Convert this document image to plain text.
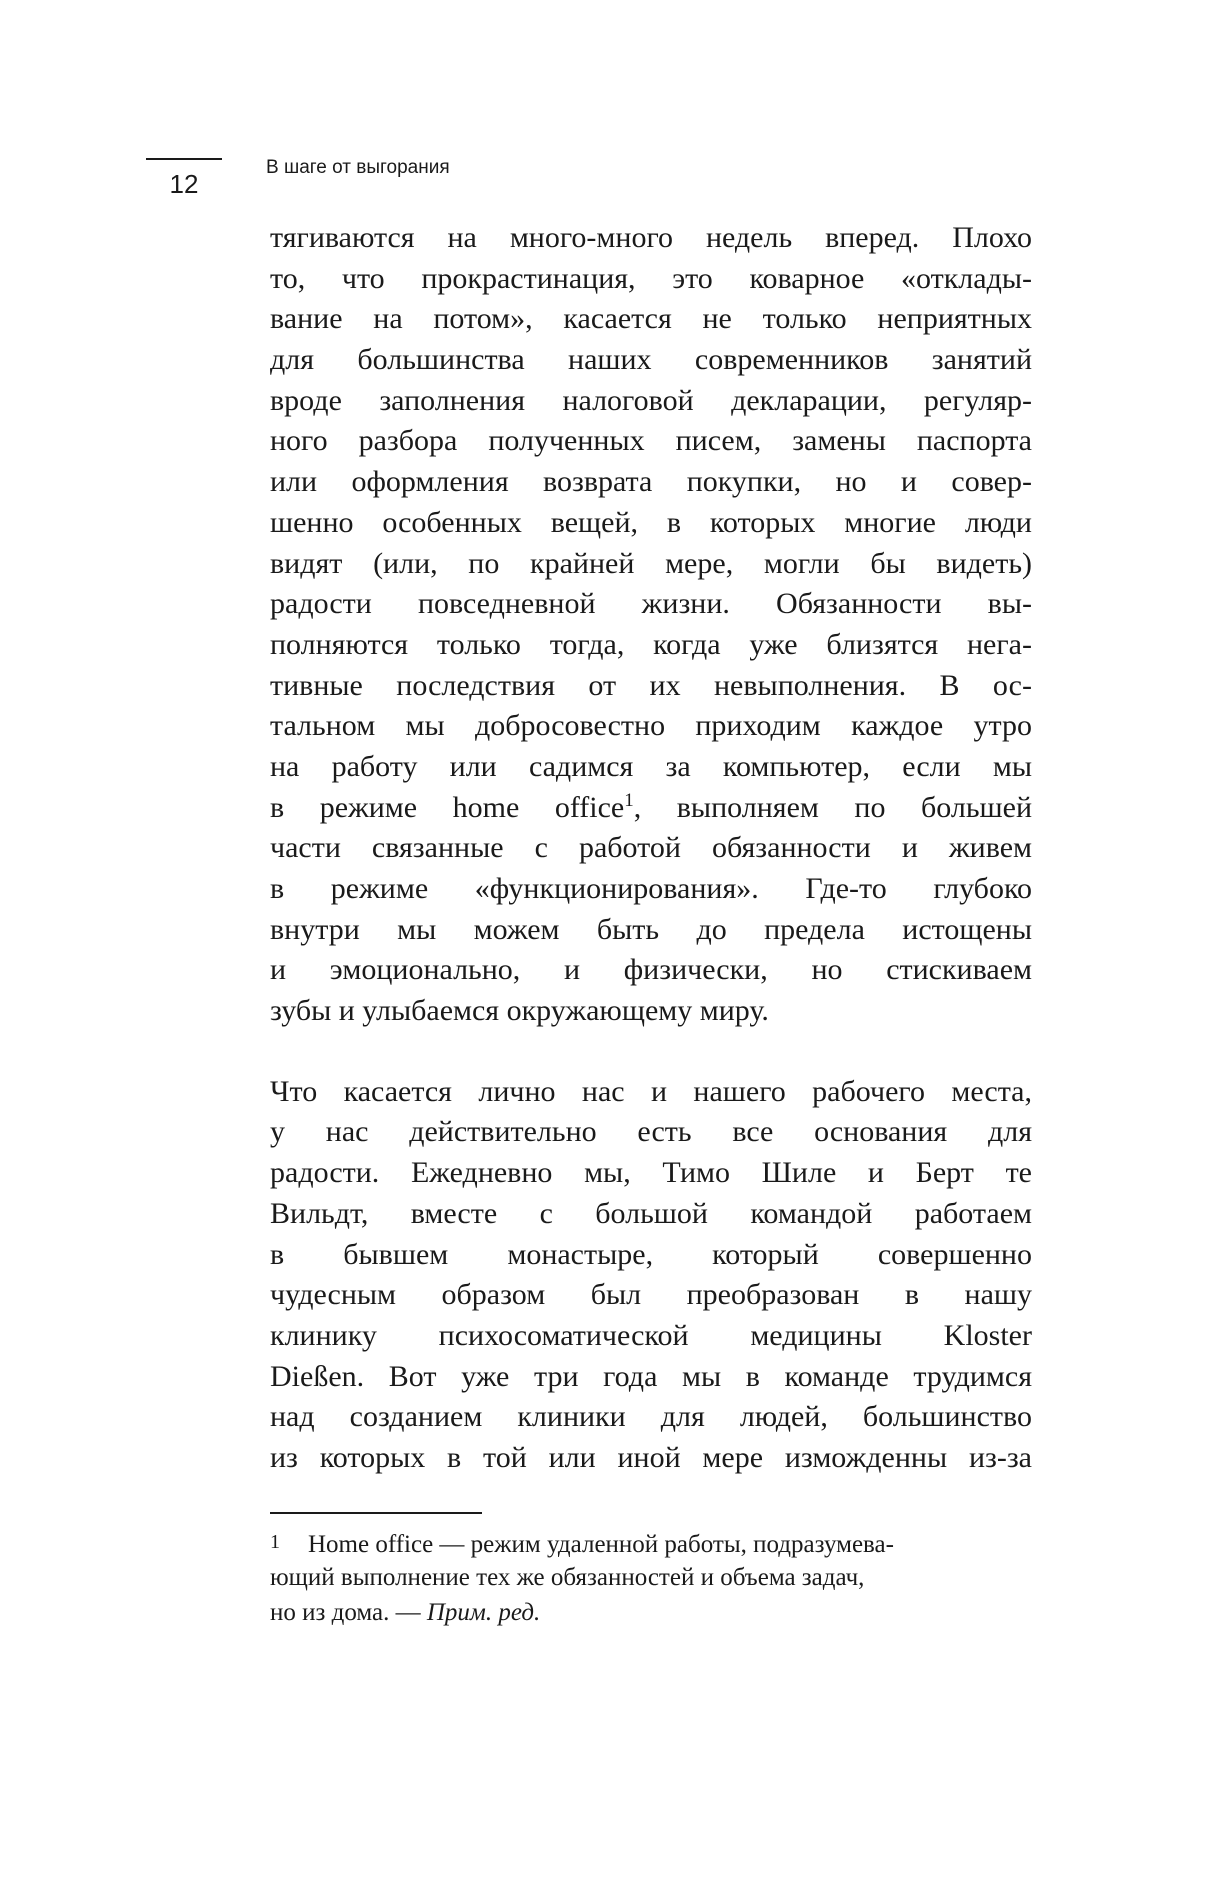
12
В шаге от выгорания
тягиваются на много-много недель вперед. Плохо
то, что прокрастинация, это коварное «отклады-
вание на потом», касается не только неприятных
для большинства наших современников занятий
вроде заполнения налоговой декларации, регуляр-
ного разбора полученных писем, замены паспорта
или оформления возврата покупки, но и совер-
шенно особенных вещей, в которых многие люди
видят (или, по крайней мере, могли бы видеть)
радости повседневной жизни. Обязанности вы-
полняются только тогда, когда уже близятся нега-
тивные последствия от их невыполнения. В ос-
тальном мы добросовестно приходим каждое утро
на работу или садимся за компьютер, если мы
в режиме home office$^1$, выполняем по большей
части связанные с работой обязанности и живем
в режиме «функционирования». Где-то глубоко
внутри мы можем быть до предела истощены
и эмоционально, и физически, но стискиваем
зубы и улыбаемся окружающему миру.
Что касается лично нас и нашего рабочего места,
у нас действительно есть все основания для
радости. Ежедневно мы, Тимо Шиле и Берт те
Вильдт, вместе с большой командой работаем
в бывшем монастыре, который совершенно
чудесным образом был преобразован в нашу
клинику психосоматической медицины Kloster
Dießen. Вот уже три года мы в команде трудимся
над созданием клиники для людей, большинство
из которых в той или иной мере изможденны из-за
1 Home office — режим удаленной работы, подразумева-
ющий выполнение тех же обязанностей и объема задач,
но из дома. — Прим. ред.
